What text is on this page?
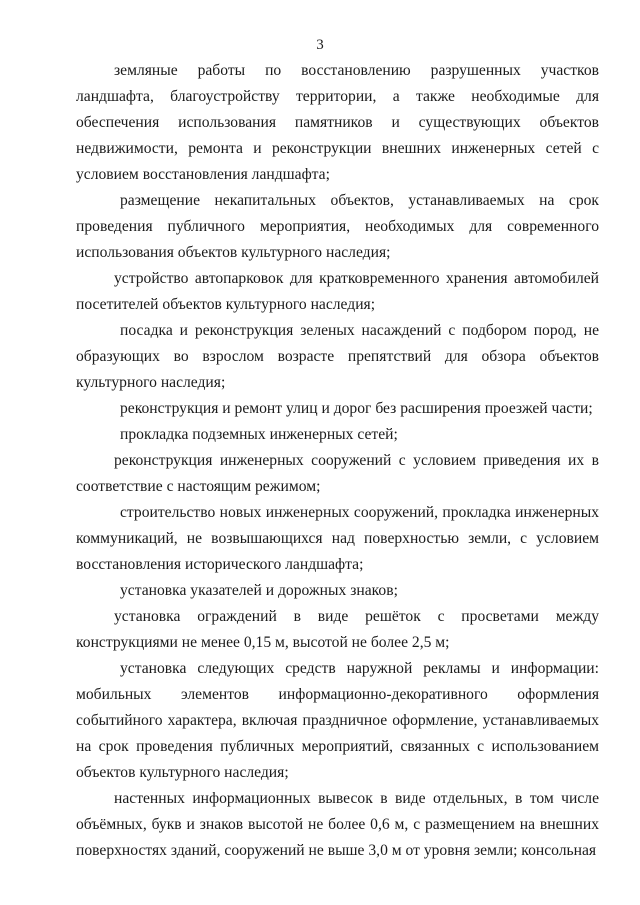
3

земляные работы по восстановлению разрушенных участков ландшафта, благоустройству территории, а также необходимые для обеспечения использования памятников и существующих объектов недвижимости, ремонта и реконструкции внешних инженерных сетей с условием восстановления ландшафта;

размещение некапитальных объектов, устанавливаемых на срок проведения публичного мероприятия, необходимых для современного использования объектов культурного наследия;

устройство автопарковок для кратковременного хранения автомобилей посетителей объектов культурного наследия;

посадка и реконструкция зеленых насаждений с подбором пород, не образующих во взрослом возрасте препятствий для обзора объектов культурного наследия;

реконструкция и ремонт улиц и дорог без расширения проезжей части;

прокладка подземных инженерных сетей;

реконструкция инженерных сооружений с условием приведения их в соответствие с настоящим режимом;

строительство новых инженерных сооружений, прокладка инженерных коммуникаций, не возвышающихся над поверхностью земли, с условием восстановления исторического ландшафта;

установка указателей и дорожных знаков;

установка ограждений в виде решёток с просветами между конструкциями не менее 0,15 м, высотой не более 2,5 м;

установка следующих средств наружной рекламы и информации: мобильных элементов информационно-декоративного оформления событийного характера, включая праздничное оформление, устанавливаемых на срок проведения публичных мероприятий, связанных с использованием объектов культурного наследия;

настенных информационных вывесок в виде отдельных, в том числе объёмных, букв и знаков высотой не более 0,6 м, с размещением на внешних поверхностях зданий, сооружений не выше 3,0 м от уровня земли; консольная
